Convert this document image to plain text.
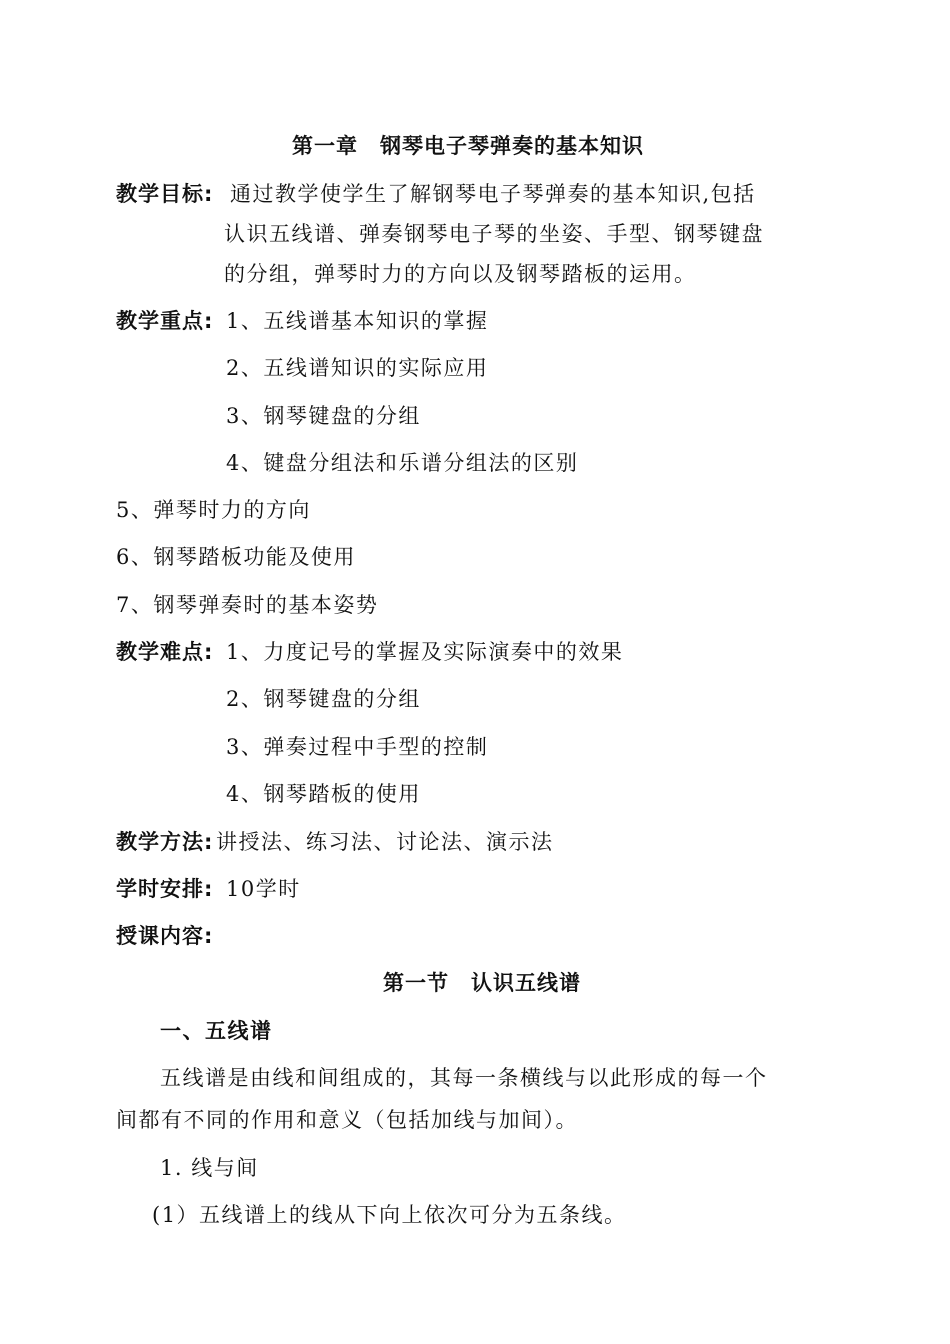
第一章　钢琴电子琴弹奏的基本知识
教学目标: 通过教学使学生了解钢琴电子琴弹奏的基本知识,包括
认识五线谱、弹奏钢琴电子琴的坐姿、手型、钢琴键盘
的分组，弹琴时力的方向以及钢琴踏板的运用。
教学重点: 1、五线谱基本知识的掌握
2、五线谱知识的实际应用
3、钢琴键盘的分组
4、键盘分组法和乐谱分组法的区别
5、弹琴时力的方向
6、钢琴踏板功能及使用
7、钢琴弹奏时的基本姿势
教学难点: 1、力度记号的掌握及实际演奏中的效果
2、钢琴键盘的分组
3、弹奏过程中手型的控制
4、钢琴踏板的使用
教学方法: 讲授法、练习法、讨论法、演示法
学时安排: 10学时
授课内容:
第一节　认识五线谱
一、五线谱
五线谱是由线和间组成的，其每一条横线与以此形成的每一个
间都有不同的作用和意义（包括加线与加间）。
1. 线与间
(1）五线谱上的线从下向上依次可分为五条线。
